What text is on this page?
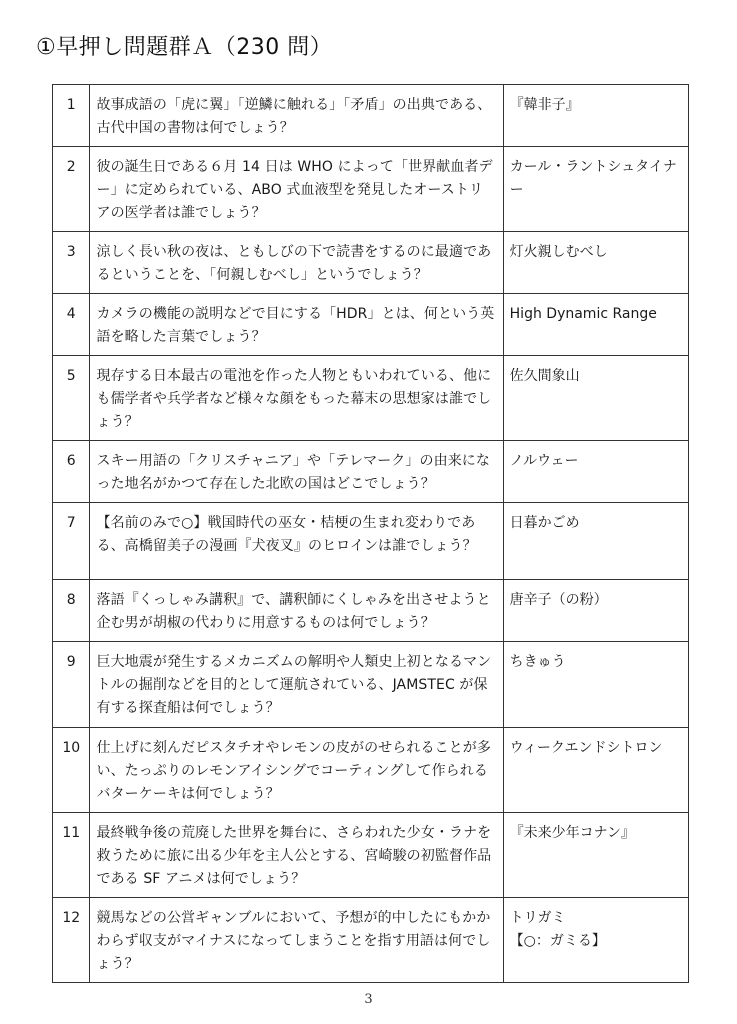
①早押し問題群Ａ（230 問）
1	故事成語の「虎に翼」「逆鱗に触れる」「矛盾」の出典である、古代中国の書物は何でしょう？	『韓非子』
2	彼の誕生日である６月 14 日は WHO によって「世界献血者デー」に定められている、ABO 式血液型を発見したオーストリアの医学者は誰でしょう？	カール・ラントシュタイナー
3	涼しく長い秋の夜は、ともしびの下で読書をするのに最適であるということを、「何親しむべし」というでしょう？	灯火親しむべし
4	カメラの機能の説明などで目にする「HDR」とは、何という英語を略した言葉でしょう？	High Dynamic Range
5	現存する日本最古の電池を作った人物ともいわれている、他にも儒学者や兵学者など様々な顔をもった幕末の思想家は誰でしょう？	佐久間象山
6	スキー用語の「クリスチャニア」や「テレマーク」の由来になった地名がかつて存在した北欧の国はどこでしょう？	ノルウェー
7	【名前のみで○】戦国時代の巫女・桔梗の生まれ変わりである、高橋留美子の漫画『犬夜叉』のヒロインは誰でしょう？	日暮かごめ
8	落語『くっしゃみ講釈』で、講釈師にくしゃみを出させようと企む男が胡椒の代わりに用意するものは何でしょう？	唐辛子（の粉）
9	巨大地震が発生するメカニズムの解明や人類史上初となるマントルの掘削などを目的として運航されている、JAMSTEC が保有する探査船は何でしょう？	ちきゅう
10	仕上げに刻んだピスタチオやレモンの皮がのせられることが多い、たっぷりのレモンアイシングでコーティングして作られるバターケーキは何でしょう？	ウィークエンドシトロン
11	最終戦争後の荒廃した世界を舞台に、さらわれた少女・ラナを救うために旅に出る少年を主人公とする、宮崎駿の初監督作品である SF アニメは何でしょう？	『未来少年コナン』
12	競馬などの公営ギャンブルにおいて、予想が的中したにもかかわらず収支がマイナスになってしまうことを指す用語は何でしょう？	トリガミ
【○：ガミる】
3
